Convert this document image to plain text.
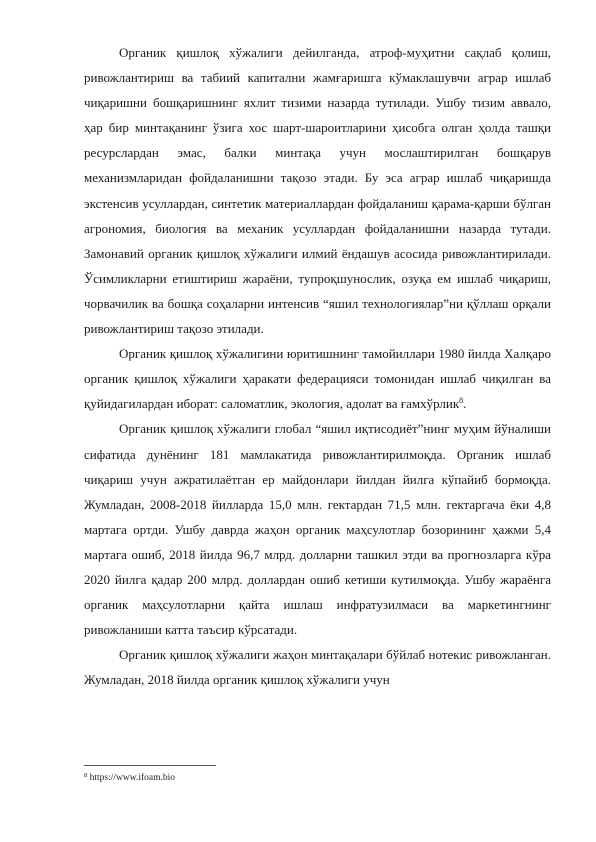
Органик қишлоқ хўжалиги дейилганда, атроф-муҳитни сақлаб қолиш, ривожлантириш ва табиий капитални жамғаришга кўмаклашувчи аграр ишлаб чиқаришни бошқаришнинг яхлит тизими назарда тутилади. Ушбу тизим аввало, ҳар бир минтақанинг ўзига хос шарт-шароитларини ҳисобга олган ҳолда ташқи ресурслардан эмас, балки минтақа учун мослаштирилган бошқарув механизмларидан фойдаланишни тақозо этади. Бу эса аграр ишлаб чиқаришда экстенсив усуллардан, синтетик материаллардан фойдаланиш қарама-қарши бўлган агрономия, биология ва механик усуллардан фойдаланишни назарда тутади. Замонавий органик қишлоқ хўжалиги илмий ёндашув асосида ривожлантирилади. Ўсимликларни етиштириш жараёни, тупроқшунослик, озуқа ем ишлаб чиқариш, чорвачилик ва бошқа соҳаларни интенсив “яшил технологиялар”ни қўллаш орқали ривожлантириш тақозо этилади.

Органик қишлоқ хўжалигини юритишнинг тамойиллари 1980 йилда Халқаро органик қишлоқ хўжалиги ҳаракати федерацияси томонидан ишлаб чиқилган ва қуйидагилардан иборат: саломатлик, экология, адолат ва ғамхўрлик$^8$.

Органик қишлоқ хўжалиги глобал “яшил иқтисодиёт”нинг муҳим йўналиши сифатида дунёнинг 181 мамлакатида ривожлантирилмоқда. Органик ишлаб чиқариш учун ажратилаётган ер майдонлари йилдан йилга кўпайиб бормоқда. Жумладан, 2008-2018 йилларда 15,0 млн. гектардан 71,5 млн. гектаргача ёки 4,8 мартага ортди. Ушбу даврда жаҳон органик маҳсулотлар бозорининг ҳажми 5,4 мартага ошиб, 2018 йилда 96,7 млрд. долларни ташкил этди ва прогнозларга кўра 2020 йилга қадар 200 млрд. доллардан ошиб кетиши кутилмоқда. Ушбу жараёнга органик маҳсулотларни қайта ишлаш инфратузилмаси ва маркетингнинг ривожланиши катта таъсир кўрсатади.

Органик қишлоқ хўжалиги жаҳон минтақалари бўйлаб нотекис ривожланган. Жумладан, 2018 йилда органик қишлоқ хўжалиги учун

$^8$ https://www.ifoam.bio
